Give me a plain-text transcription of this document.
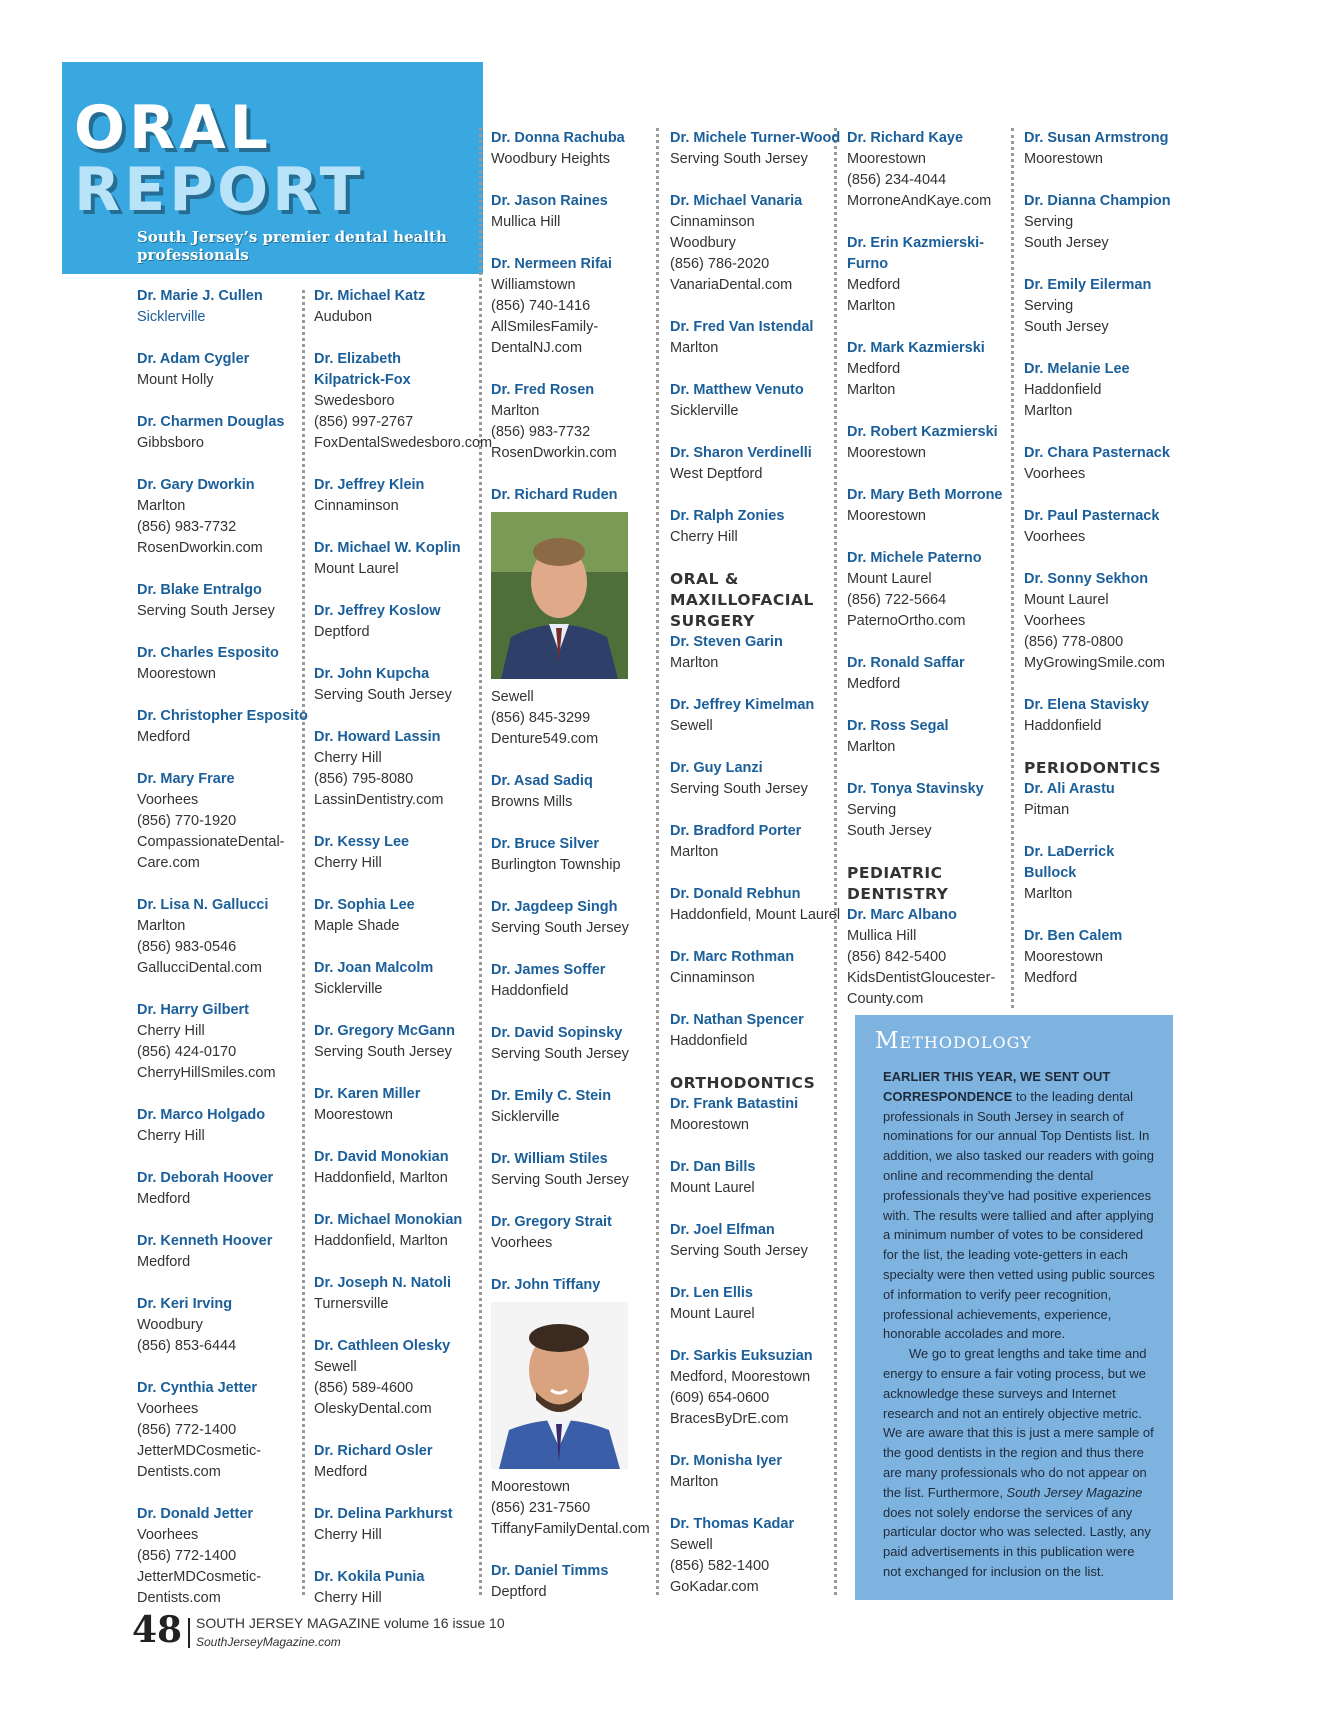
ORAL
REPORT
South Jersey’s premier dental health professionals
Dr. Marie J. Cullen
Sicklerville
Dr. Adam Cygler
Mount Holly
Dr. Charmen Douglas
Gibbsboro
Dr. Gary Dworkin
Marlton
(856) 983-7732
RosenDworkin.com
Dr. Blake Entralgo
Serving South Jersey
Dr. Charles Esposito
Moorestown
Dr. Christopher Esposito
Medford
Dr. Mary Frare
Voorhees
(856) 770-1920
CompassionateDental-
Care.com
Dr. Lisa N. Gallucci
Marlton
(856) 983-0546
GallucciDental.com
Dr. Harry Gilbert
Cherry Hill
(856) 424-0170
CherryHillSmiles.com
Dr. Marco Holgado
Cherry Hill
Dr. Deborah Hoover
Medford
Dr. Kenneth Hoover
Medford
Dr. Keri Irving
Woodbury
(856) 853-6444
Dr. Cynthia Jetter
Voorhees
(856) 772-1400
JetterMDCosmetic-
Dentists.com
Dr. Donald Jetter
Voorhees
(856) 772-1400
JetterMDCosmetic-
Dentists.com
Dr. Michael Katz
Audubon
Dr. Elizabeth
Kilpatrick-Fox
Swedesboro
(856) 997-2767
FoxDentalSwedesboro.com
Dr. Jeffrey Klein
Cinnaminson
Dr. Michael W. Koplin
Mount Laurel
Dr. Jeffrey Koslow
Deptford
Dr. John Kupcha
Serving South Jersey
Dr. Howard Lassin
Cherry Hill
(856) 795-8080
LassinDentistry.com
Dr. Kessy Lee
Cherry Hill
Dr. Sophia Lee
Maple Shade
Dr. Joan Malcolm
Sicklerville
Dr. Gregory McGann
Serving South Jersey
Dr. Karen Miller
Moorestown
Dr. David Monokian
Haddonfield, Marlton
Dr. Michael Monokian
Haddonfield, Marlton
Dr. Joseph N. Natoli
Turnersville
Dr. Cathleen Olesky
Sewell
(856) 589-4600
OleskyDental.com
Dr. Richard Osler
Medford
Dr. Delina Parkhurst
Cherry Hill
Dr. Kokila Punia
Cherry Hill
Dr. Donna Rachuba
Woodbury Heights
Dr. Jason Raines
Mullica Hill
Dr. Nermeen Rifai
Williamstown
(856) 740-1416
AllSmilesFamily-
DentalNJ.com
Dr. Fred Rosen
Marlton
(856) 983-7732
RosenDworkin.com
Dr. Richard Ruden
Sewell
(856) 845-3299
Denture549.com
Dr. Asad Sadiq
Browns Mills
Dr. Bruce Silver
Burlington Township
Dr. Jagdeep Singh
Serving South Jersey
Dr. James Soffer
Haddonfield
Dr. David Sopinsky
Serving South Jersey
Dr. Emily C. Stein
Sicklerville
Dr. William Stiles
Serving South Jersey
Dr. Gregory Strait
Voorhees
Dr. John Tiffany
Moorestown
(856) 231-7560
TiffanyFamilyDental.com
Dr. Daniel Timms
Deptford
Dr. Michele Turner-Wood
Serving South Jersey
Dr. Michael Vanaria
Cinnaminson
Woodbury
(856) 786-2020
VanariaDental.com
Dr. Fred Van Istendal
Marlton
Dr. Matthew Venuto
Sicklerville
Dr. Sharon Verdinelli
West Deptford
Dr. Ralph Zonies
Cherry Hill
ORAL &
MAXILLOFACIAL
SURGERY
Dr. Steven Garin
Marlton
Dr. Jeffrey Kimelman
Sewell
Dr. Guy Lanzi
Serving South Jersey
Dr. Bradford Porter
Marlton
Dr. Donald Rebhun
Haddonfield, Mount Laurel
Dr. Marc Rothman
Cinnaminson
Dr. Nathan Spencer
Haddonfield
ORTHODONTICS
Dr. Frank Batastini
Moorestown
Dr. Dan Bills
Mount Laurel
Dr. Joel Elfman
Serving South Jersey
Dr. Len Ellis
Mount Laurel
Dr. Sarkis Euksuzian
Medford, Moorestown
(609) 654-0600
BracesByDrE.com
Dr. Monisha Iyer
Marlton
Dr. Thomas Kadar
Sewell
(856) 582-1400
GoKadar.com
Dr. Richard Kaye
Moorestown
(856) 234-4044
MorroneAndKaye.com
Dr. Erin Kazmierski-
Furno
Medford
Marlton
Dr. Mark Kazmierski
Medford
Marlton
Dr. Robert Kazmierski
Moorestown
Dr. Mary Beth Morrone
Moorestown
Dr. Michele Paterno
Mount Laurel
(856) 722-5664
PaternoOrtho.com
Dr. Ronald Saffar
Medford
Dr. Ross Segal
Marlton
Dr. Tonya Stavinsky
Serving
South Jersey
PEDIATRIC
DENTISTRY
Dr. Marc Albano
Mullica Hill
(856) 842-5400
KidsDentistGloucester-
County.com
Dr. Susan Armstrong
Moorestown
Dr. Dianna Champion
Serving
South Jersey
Dr. Emily Eilerman
Serving
South Jersey
Dr. Melanie Lee
Haddonfield
Marlton
Dr. Chara Pasternack
Voorhees
Dr. Paul Pasternack
Voorhees
Dr. Sonny Sekhon
Mount Laurel
Voorhees
(856) 778-0800
MyGrowingSmile.com
Dr. Elena Stavisky
Haddonfield
PERIODONTICS
Dr. Ali Arastu
Pitman
Dr. LaDerrick
Bullock
Marlton
Dr. Ben Calem
Moorestown
Medford
Methodology

EARLIER THIS YEAR, WE SENT OUT CORRESPONDENCE to the leading dental professionals in South Jersey in search of nominations for our annual Top Dentists list. In addition, we also tasked our readers with going online and recommending the dental professionals they’ve had positive experiences with. The results were tallied and after applying a minimum number of votes to be considered for the list, the leading vote-getters in each specialty were then vetted using public sources of information to verify peer recognition, professional achievements, experience, honorable accolades and more.

We go to great lengths and take time and energy to ensure a fair voting process, but we acknowledge these surveys and Internet research and not an entirely objective metric. We are aware that this is just a mere sample of the good dentists in the region and thus there are many professionals who do not appear on the list. Furthermore, South Jersey Magazine does not solely endorse the services of any particular doctor who was selected. Lastly, any paid advertisements in this publication were not exchanged for inclusion on the list.

48 SOUTH JERSEY MAGAZINE volume 16 issue 10
SouthJerseyMagazine.com
